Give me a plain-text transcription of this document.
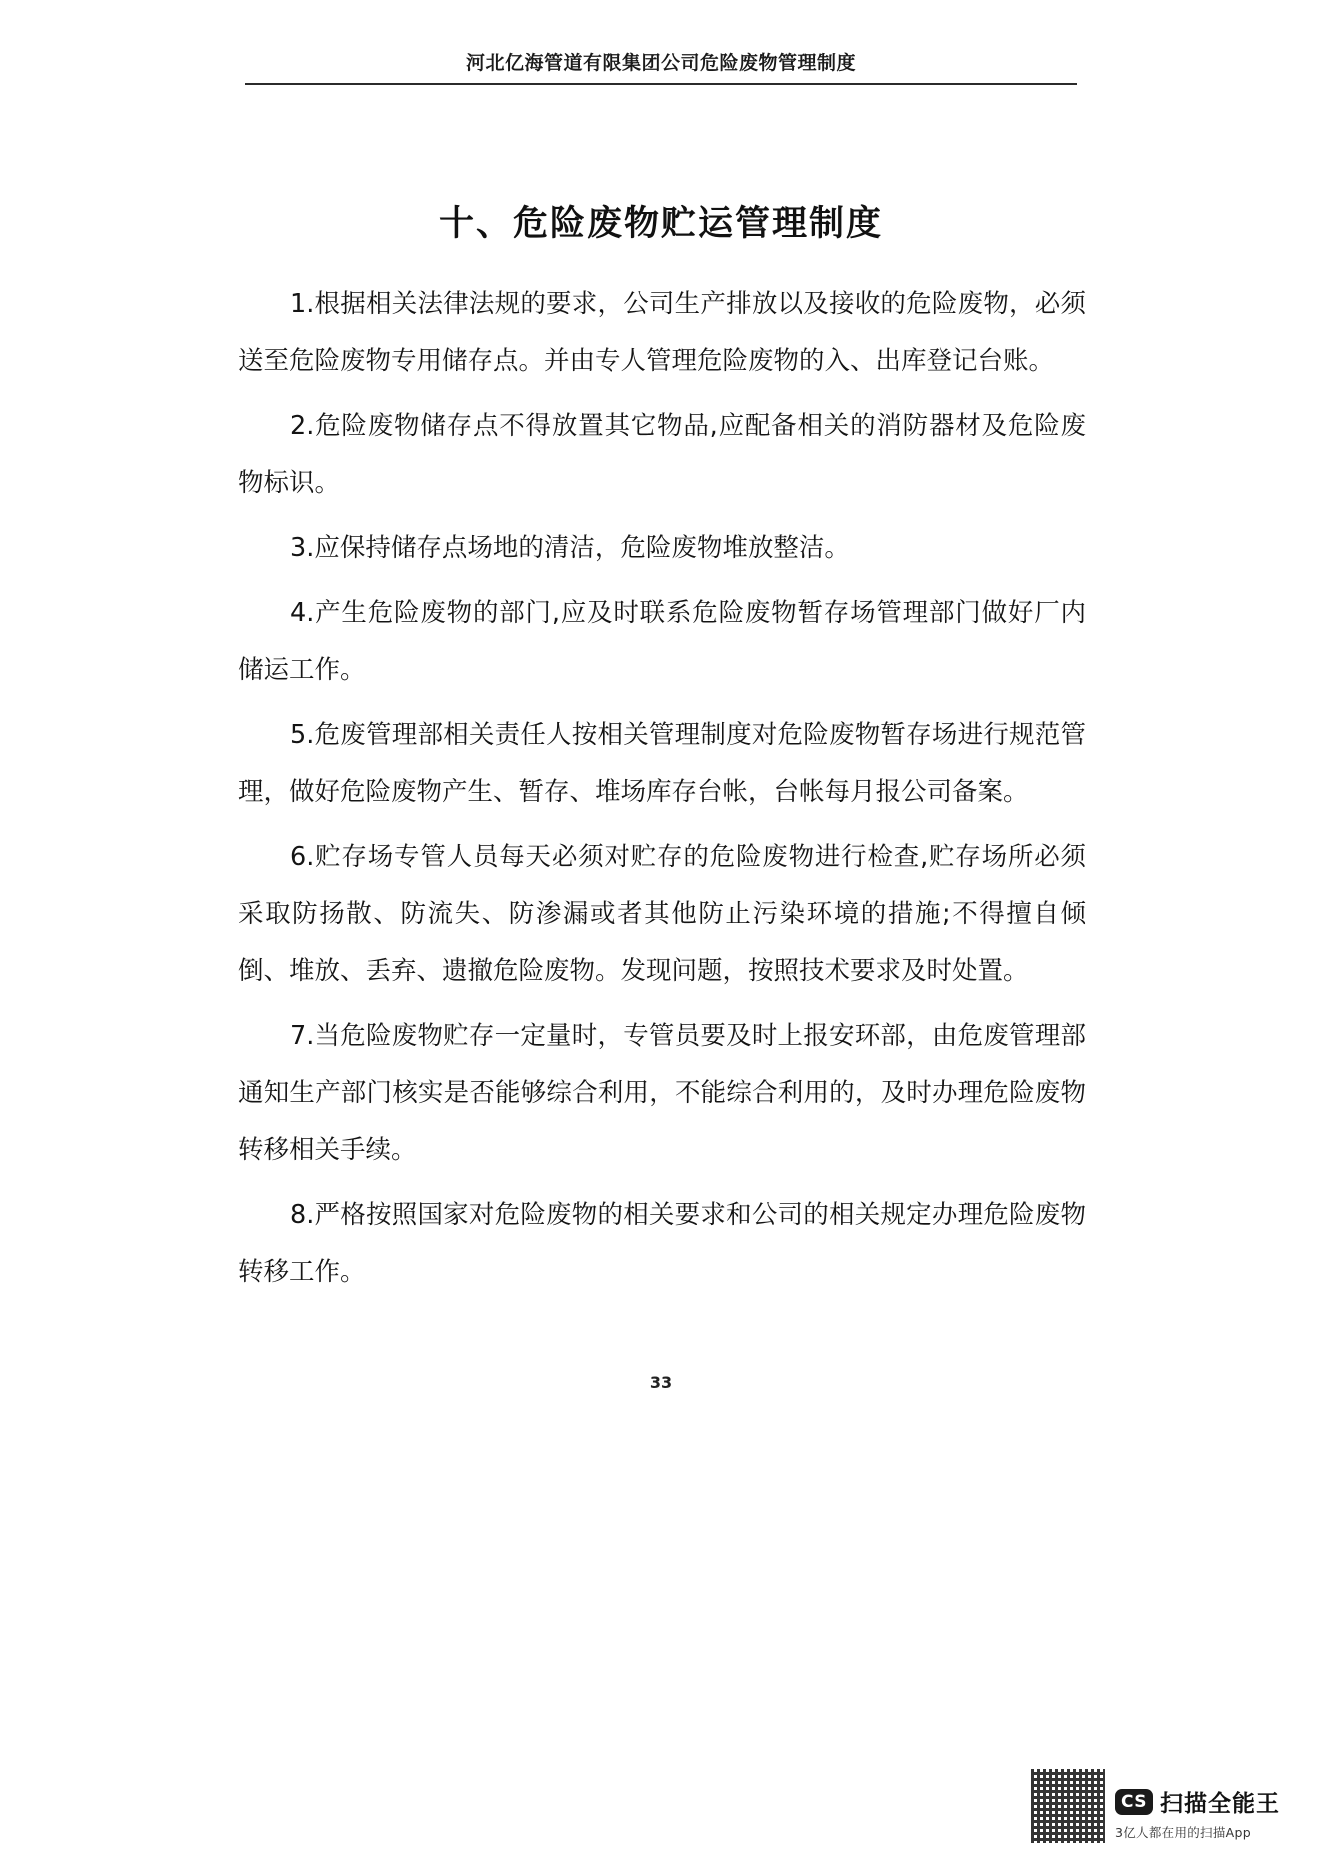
河北亿海管道有限集团公司危险废物管理制度
十、危险废物贮运管理制度

1.根据相关法律法规的要求，公司生产排放以及接收的危险废物，必须送至危险废物专用储存点。并由专人管理危险废物的入、出库登记台账。

2.危险废物储存点不得放置其它物品,应配备相关的消防器材及危险废物标识。

3.应保持储存点场地的清洁，危险废物堆放整洁。

4.产生危险废物的部门,应及时联系危险废物暂存场管理部门做好厂内储运工作。

5.危废管理部相关责任人按相关管理制度对危险废物暂存场进行规范管理，做好危险废物产生、暂存、堆场库存台帐，台帐每月报公司备案。

6.贮存场专管人员每天必须对贮存的危险废物进行检查,贮存场所必须采取防扬散、防流失、防渗漏或者其他防止污染环境的措施;不得擅自倾倒、堆放、丢弃、遗撤危险废物。发现问题，按照技术要求及时处置。

7.当危险废物贮存一定量时，专管员要及时上报安环部，由危废管理部通知生产部门核实是否能够综合利用，不能综合利用的，及时办理危险废物转移相关手续。

8.严格按照国家对危险废物的相关要求和公司的相关规定办理危险废物转移工作。

33
CS 扫描全能王
3亿人都在用的扫描App
